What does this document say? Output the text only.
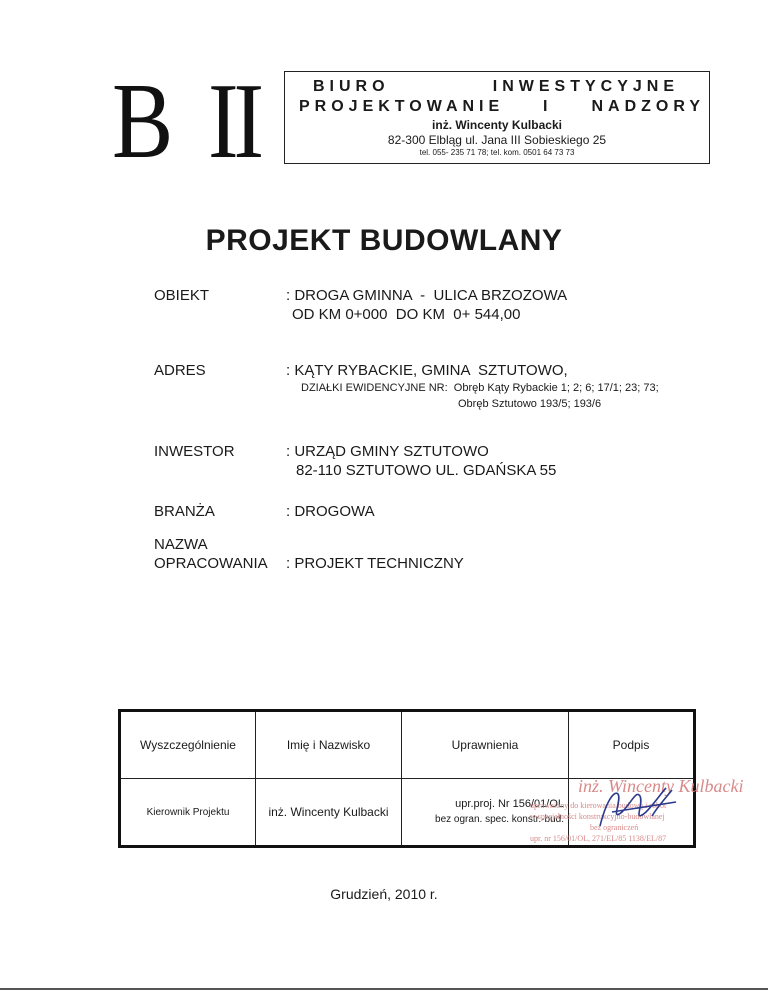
B II	BIURO	INWESTYCYJNE
PROJEKTOWANIE I NADZORY
inż. Wincenty Kulbacki
82-300 Elbląg ul. Jana III Sobieskiego 25
tel. 055- 235 71 78; tel. kom. 0501 64 73 73
PROJEKT BUDOWLANY
OBIEKT	: DROGA GMINNA  -  ULICA BRZOZOWA
OD KM 0+000  DO KM  0+ 544,00
ADRES	: KĄTY RYBACKIE, GMINA  SZTUTOWO,
DZIAŁKI EWIDENCYJNE NR:  Obręb Kąty Rybackie 1; 2; 6; 17/1; 23; 73;
Obręb Sztutowo 193/5; 193/6
INWESTOR	: URZĄD GMINY SZTUTOWO
82-110 SZTUTOWO UL. GDAŃSKA 55
BRANŻA	: DROGOWA
NAZWA
OPRACOWANIA : PROJEKT TECHNICZNY
Wyszczególnienie	Imię i Nazwisko	Uprawnienia	Podpis
Kierownik Projektu	inż. Wincenty Kulbacki	upr.proj. Nr 156/01/OL
bez ogran. spec. konstr.-bud.	

inż. Wincenty Kulbacki
uprawniony do kierowania budową i robót
w specjalności konstrukcyjno-budowlanej
bez ograniczeń
upr. nr 156/01/OL, 271/EL/85 1138/EL/87
Grudzień, 2010 r.
